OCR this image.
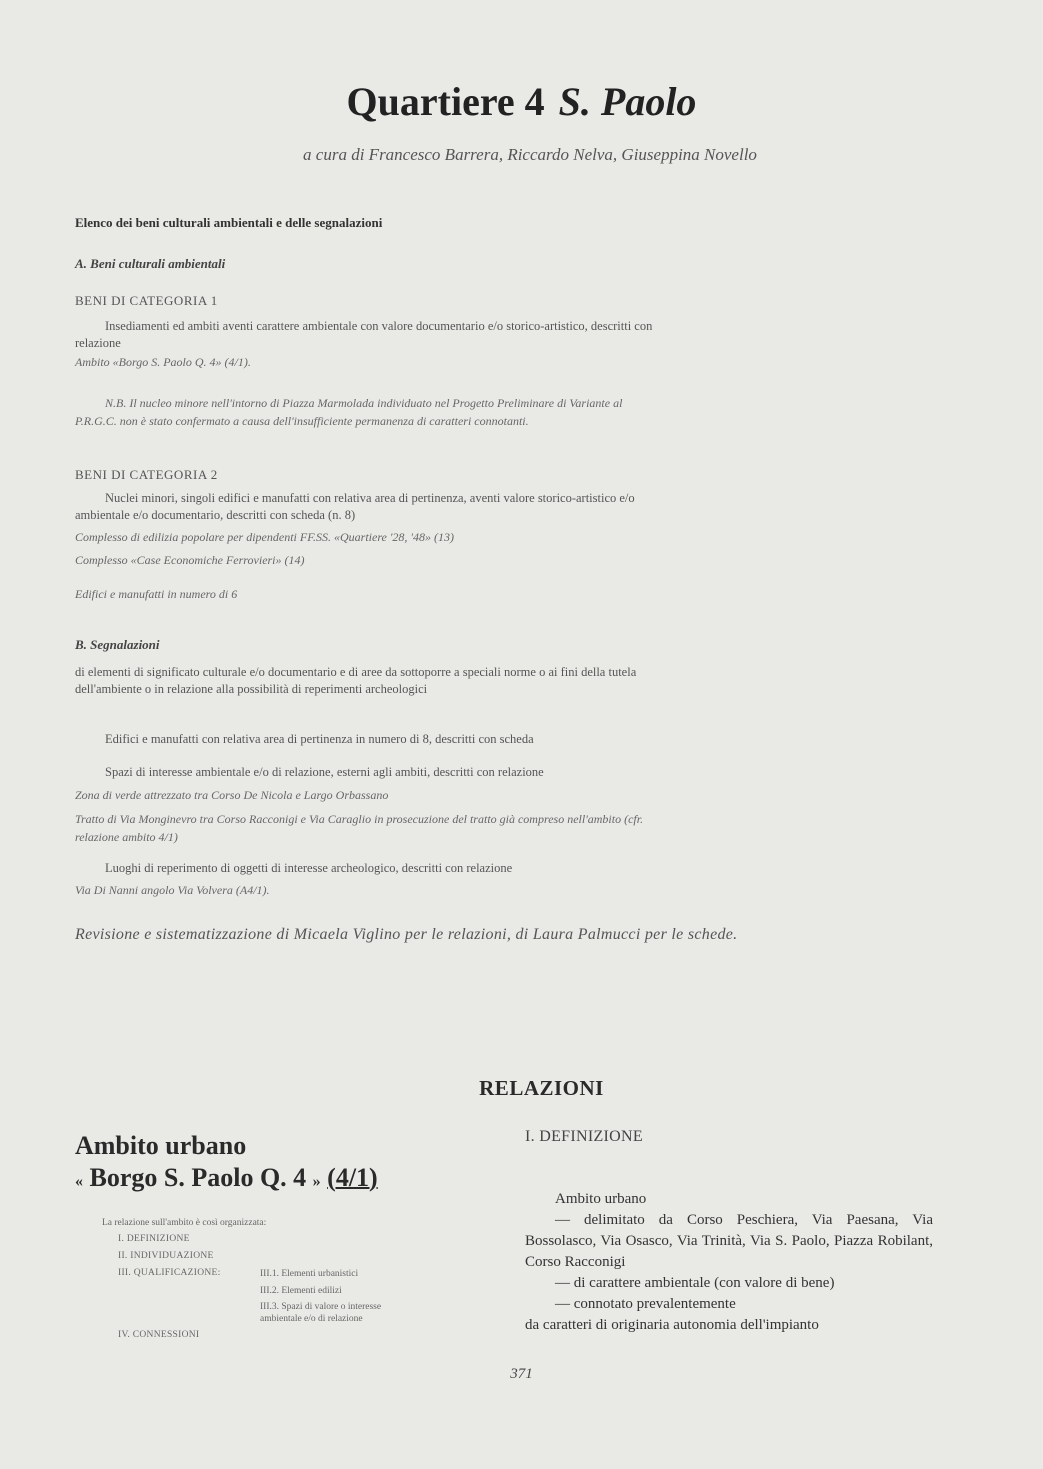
Quartiere 4 S. Paolo
a cura di Francesco Barrera, Riccardo Nelva, Giuseppina Novello
Elenco dei beni culturali ambientali e delle segnalazioni
A. Beni culturali ambientali
BENI DI CATEGORIA 1

Insediamenti ed ambiti aventi carattere ambientale con valore documentario e/o storico-artistico, descritti con relazione

Ambito «Borgo S. Paolo Q. 4» (4/1).

N.B. Il nucleo minore nell'intorno di Piazza Marmolada individuato nel Progetto Preliminare di Variante al P.R.G.C. non è stato confermato a causa dell'insufficiente permanenza di caratteri connotanti.

BENI DI CATEGORIA 2

Nuclei minori, singoli edifici e manufatti con relativa area di pertinenza, aventi valore storico-artistico e/o ambientale e/o documentario, descritti con scheda (n. 8)

Complesso di edilizia popolare per dipendenti FF.SS. «Quartiere '28, '48» (13)
Complesso «Case Economiche Ferrovieri» (14)
Edifici e manufatti in numero di 6
B. Segnalazioni

di elementi di significato culturale e/o documentario e di aree da sottoporre a speciali norme o ai fini della tutela dell'ambiente o in relazione alla possibilità di reperimenti archeologici

Edifici e manufatti con relativa area di pertinenza in numero di 8, descritti con scheda
Spazi di interesse ambientale e/o di relazione, esterni agli ambiti, descritti con relazione
Zona di verde attrezzato tra Corso De Nicola e Largo Orbassano

Tratto di Via Monginevro tra Corso Racconigi e Via Caraglio in prosecuzione del tratto già compreso nell'ambito (cfr. relazione ambito 4/1)

Luoghi di reperimento di oggetti di interesse archeologico, descritti con relazione
Via Di Nanni angolo Via Volvera (A4/1).
Revisione e sistematizzazione di Micaela Viglino per le relazioni, di Laura Palmucci per le schede.
RELAZIONI
Ambito urbano
« Borgo S. Paolo Q. 4 » (4/1)
La relazione sull'ambito è così organizzata:
I. DEFINIZIONE
II. INDIVIDUAZIONE
III. QUALIFICAZIONE:	III.1. Elementi urbanistici
III.2. Elementi edilizi
III.3. Spazi di valore o interesse ambientale e/o di relazione
IV. CONNESSIONI
I. DEFINIZIONE

Ambito urbano

— delimitato da Corso Peschiera, Via Paesana, Via Bossolasco, Via Osasco, Via Trinità, Via S. Paolo, Piazza Robilant, Corso Racconigi

— di carattere ambientale (con valore di bene)

— connotato prevalentemente

da caratteri di originaria autonomia dell'impianto

371
